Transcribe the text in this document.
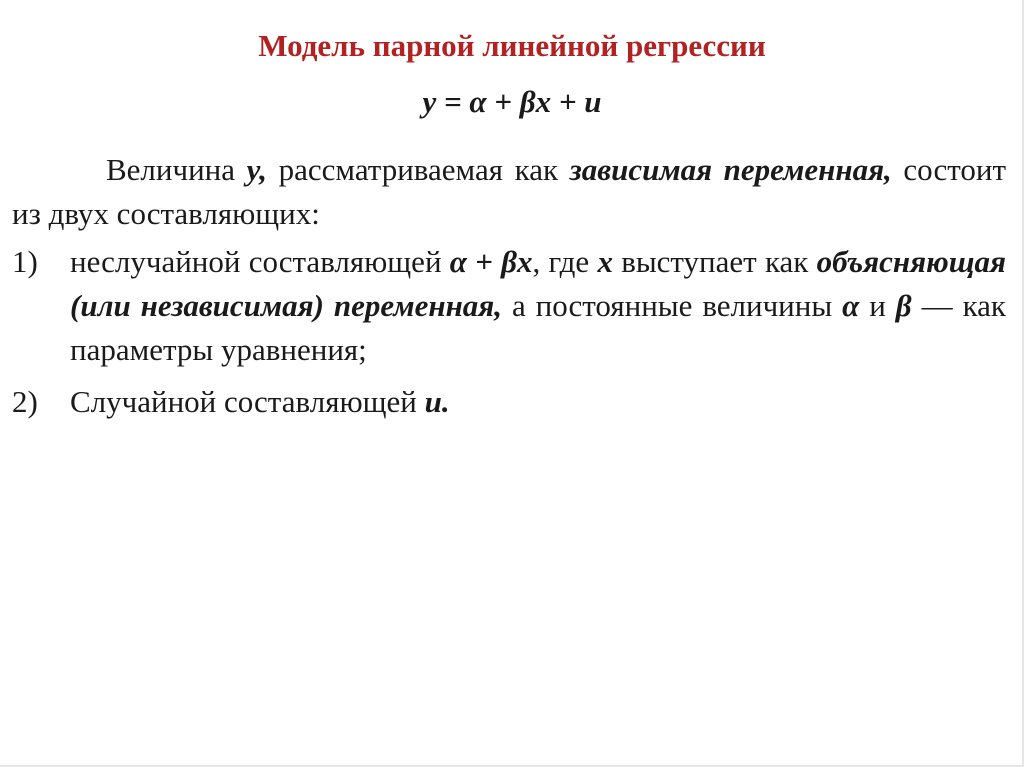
Модель парной линейной регрессии

y = α + βx + u

Величина y, рассматриваемая как зависимая переменная, состоит из двух составляющих:

1)	неслучайной составляющей α + βx, где x выступает как объясняющая (или независимая) переменная, а постоянные величины α и β — как параметры уравнения;
2)	Случайной составляющей u.
